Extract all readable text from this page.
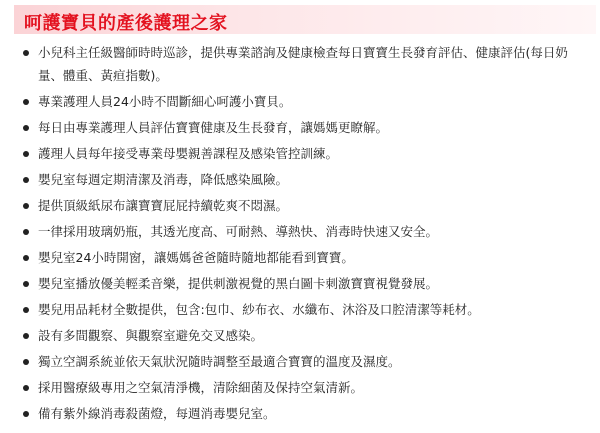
呵護寶貝的產後護理之家
小兒科主任級醫師時時巡診，提供專業諮詢及健康檢查每日寶寶生長發育評估、健康評估(每日奶量、體重、黃疸指數)。
專業護理人員24小時不間斷細心呵護小寶貝。
每日由專業護理人員評估寶寶健康及生長發育，讓媽媽更瞭解。
護理人員每年接受專業母嬰親善課程及感染管控訓練。
嬰兒室每週定期清潔及消毒，降低感染風險。
提供頂級紙尿布讓寶寶屁屁持續乾爽不悶濕。
一律採用玻璃奶瓶，其透光度高、可耐熱、導熱快、消毒時快速又安全。
嬰兒室24小時開窗，讓媽媽爸爸隨時隨地都能看到寶寶。
嬰兒室播放優美輕柔音樂，提供刺激視覺的黑白圖卡刺激寶寶視覺發展。
嬰兒用品耗材全數提供，包含:包巾、紗布衣、水纖布、沐浴及口腔清潔等耗材。
設有多間觀察、與觀察室避免交叉感染。
獨立空調系統並依天氣狀況隨時調整至最適合寶寶的溫度及濕度。
採用醫療級專用之空氣清淨機，清除細菌及保持空氣清新。
備有紫外線消毒殺菌燈，每週消毒嬰兒室。
